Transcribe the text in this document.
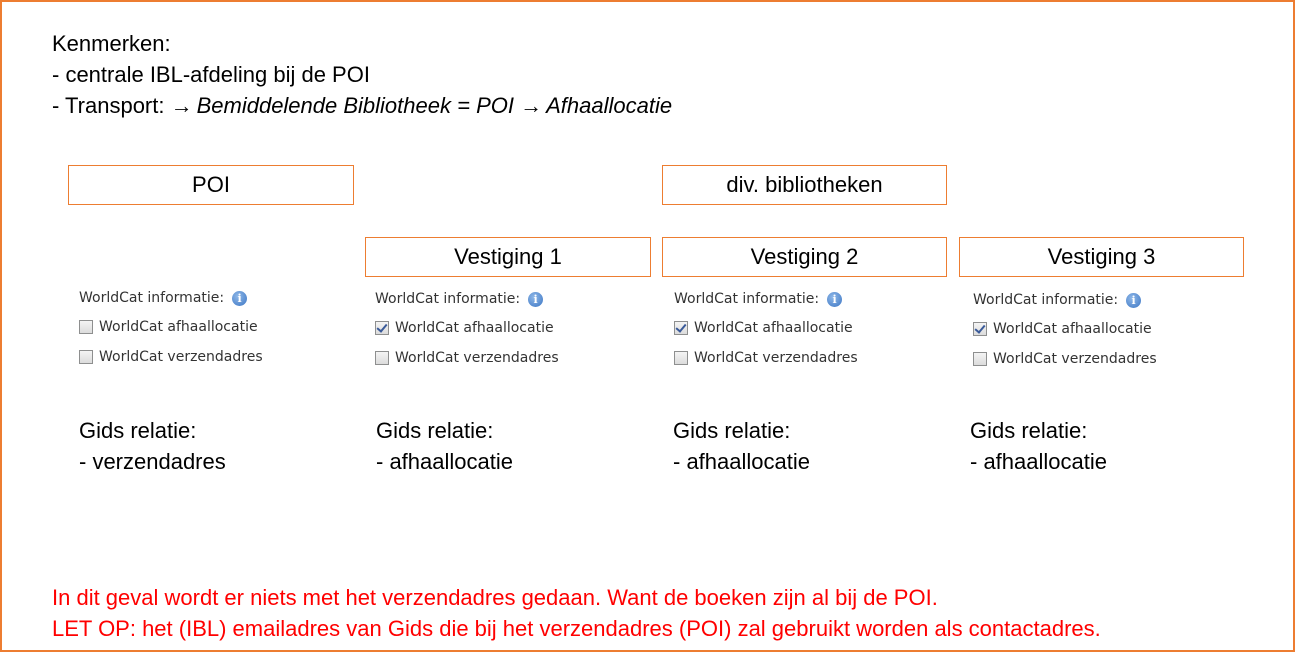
Kenmerken:
- centrale IBL-afdeling bij de POI
- Transport: → Bemiddelende Bibliotheek = POI → Afhaallocatie
POI	div. bibliotheken
Vestiging 1	Vestiging 2	Vestiging 3
WorldCat informatie:	i
WorldCat afhaallocatie
WorldCat verzendadres
WorldCat informatie:	i
WorldCat afhaallocatie
WorldCat verzendadres
WorldCat informatie:	i
WorldCat afhaallocatie
WorldCat verzendadres
WorldCat informatie:	i
WorldCat afhaallocatie
WorldCat verzendadres
Gids relatie:
- verzendadres
Gids relatie:
- afhaallocatie
Gids relatie:
- afhaallocatie
Gids relatie:
- afhaallocatie
In dit geval wordt er niets met het verzendadres gedaan. Want de boeken zijn al bij de POI.
LET OP: het (IBL) emailadres van Gids die bij het verzendadres (POI) zal gebruikt worden als contactadres.
